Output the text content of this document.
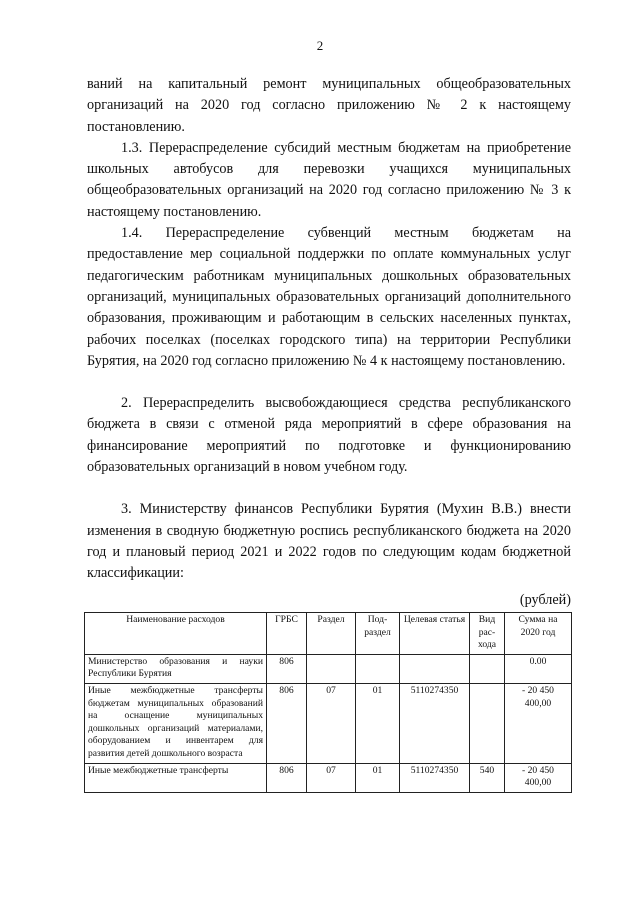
2

ваний на капитальный ремонт муниципальных общеобразовательных организаций на 2020 год согласно приложению № 2 к настоящему постановлению.

1.3. Перераспределение субсидий местным бюджетам на приобретение школьных автобусов для перевозки учащихся муниципальных общеобразовательных организаций на 2020 год согласно приложению № 3 к настоящему постановлению.

1.4. Перераспределение субвенций местным бюджетам на предоставление мер социальной поддержки по оплате коммунальных услуг педагогическим работникам муниципальных дошкольных образовательных организаций, муниципальных образовательных организаций дополнительного образования, проживающим и работающим в сельских населенных пунктах, рабочих поселках (поселках городского типа) на территории Республики Бурятия, на 2020 год согласно приложению № 4 к настоящему постановлению.

2. Перераспределить высвобождающиеся средства республиканского бюджета в связи с отменой ряда мероприятий в сфере образования на финансирование мероприятий по подготовке и функционированию образовательных организаций в новом учебном году.

3. Министерству финансов Республики Бурятия (Мухин В.В.) внести изменения в сводную бюджетную роспись республиканского бюджета на 2020 год и плановый период 2021 и 2022 годов по следующим кодам бюджетной классификации:

(рублей)
Наименование расходов	ГРБС	Раздел	Под-раздел	Целевая статья	Вид рас-хода	Сумма на 2020 год
Министерство образования и науки Республики Бурятия	806					0.00
Иные межбюджетные трансферты бюджетам муниципальных образований на оснащение муниципальных дошкольных организаций материалами, оборудованием и инвентарем для развития детей дошкольного возраста	806	07	01	5110274350		- 20 450 400,00
Иные межбюджетные трансферты	806	07	01	5110274350	540	- 20 450 400,00
